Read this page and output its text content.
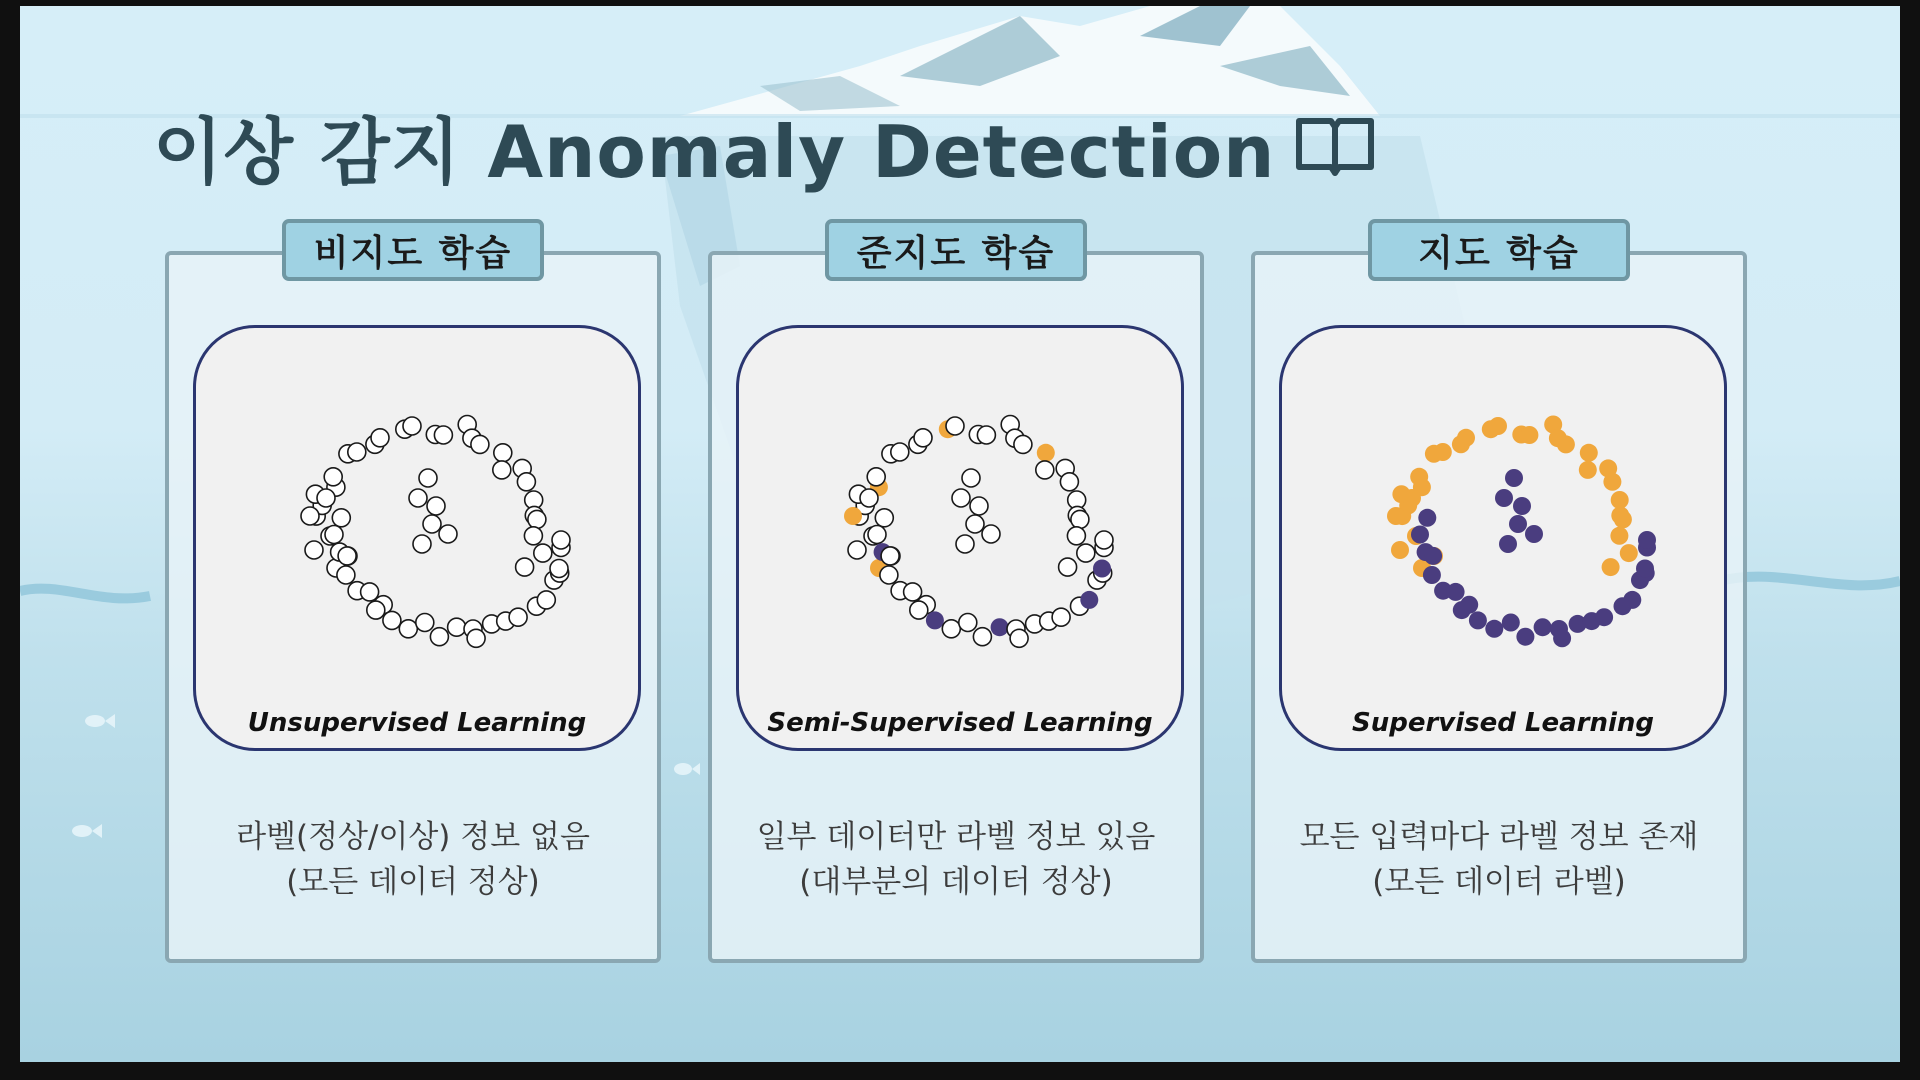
이상 감지 Anomaly Detection
비지도 학습
Unsupervised Learning
라벨(정상/이상) 정보 없음
(모든 데이터 정상)
준지도 학습
Semi-Supervised Learning
일부 데이터만 라벨 정보 있음
(대부분의 데이터 정상)
지도 학습
Supervised Learning
모든 입력마다 라벨 정보 존재
(모든 데이터 라벨)
